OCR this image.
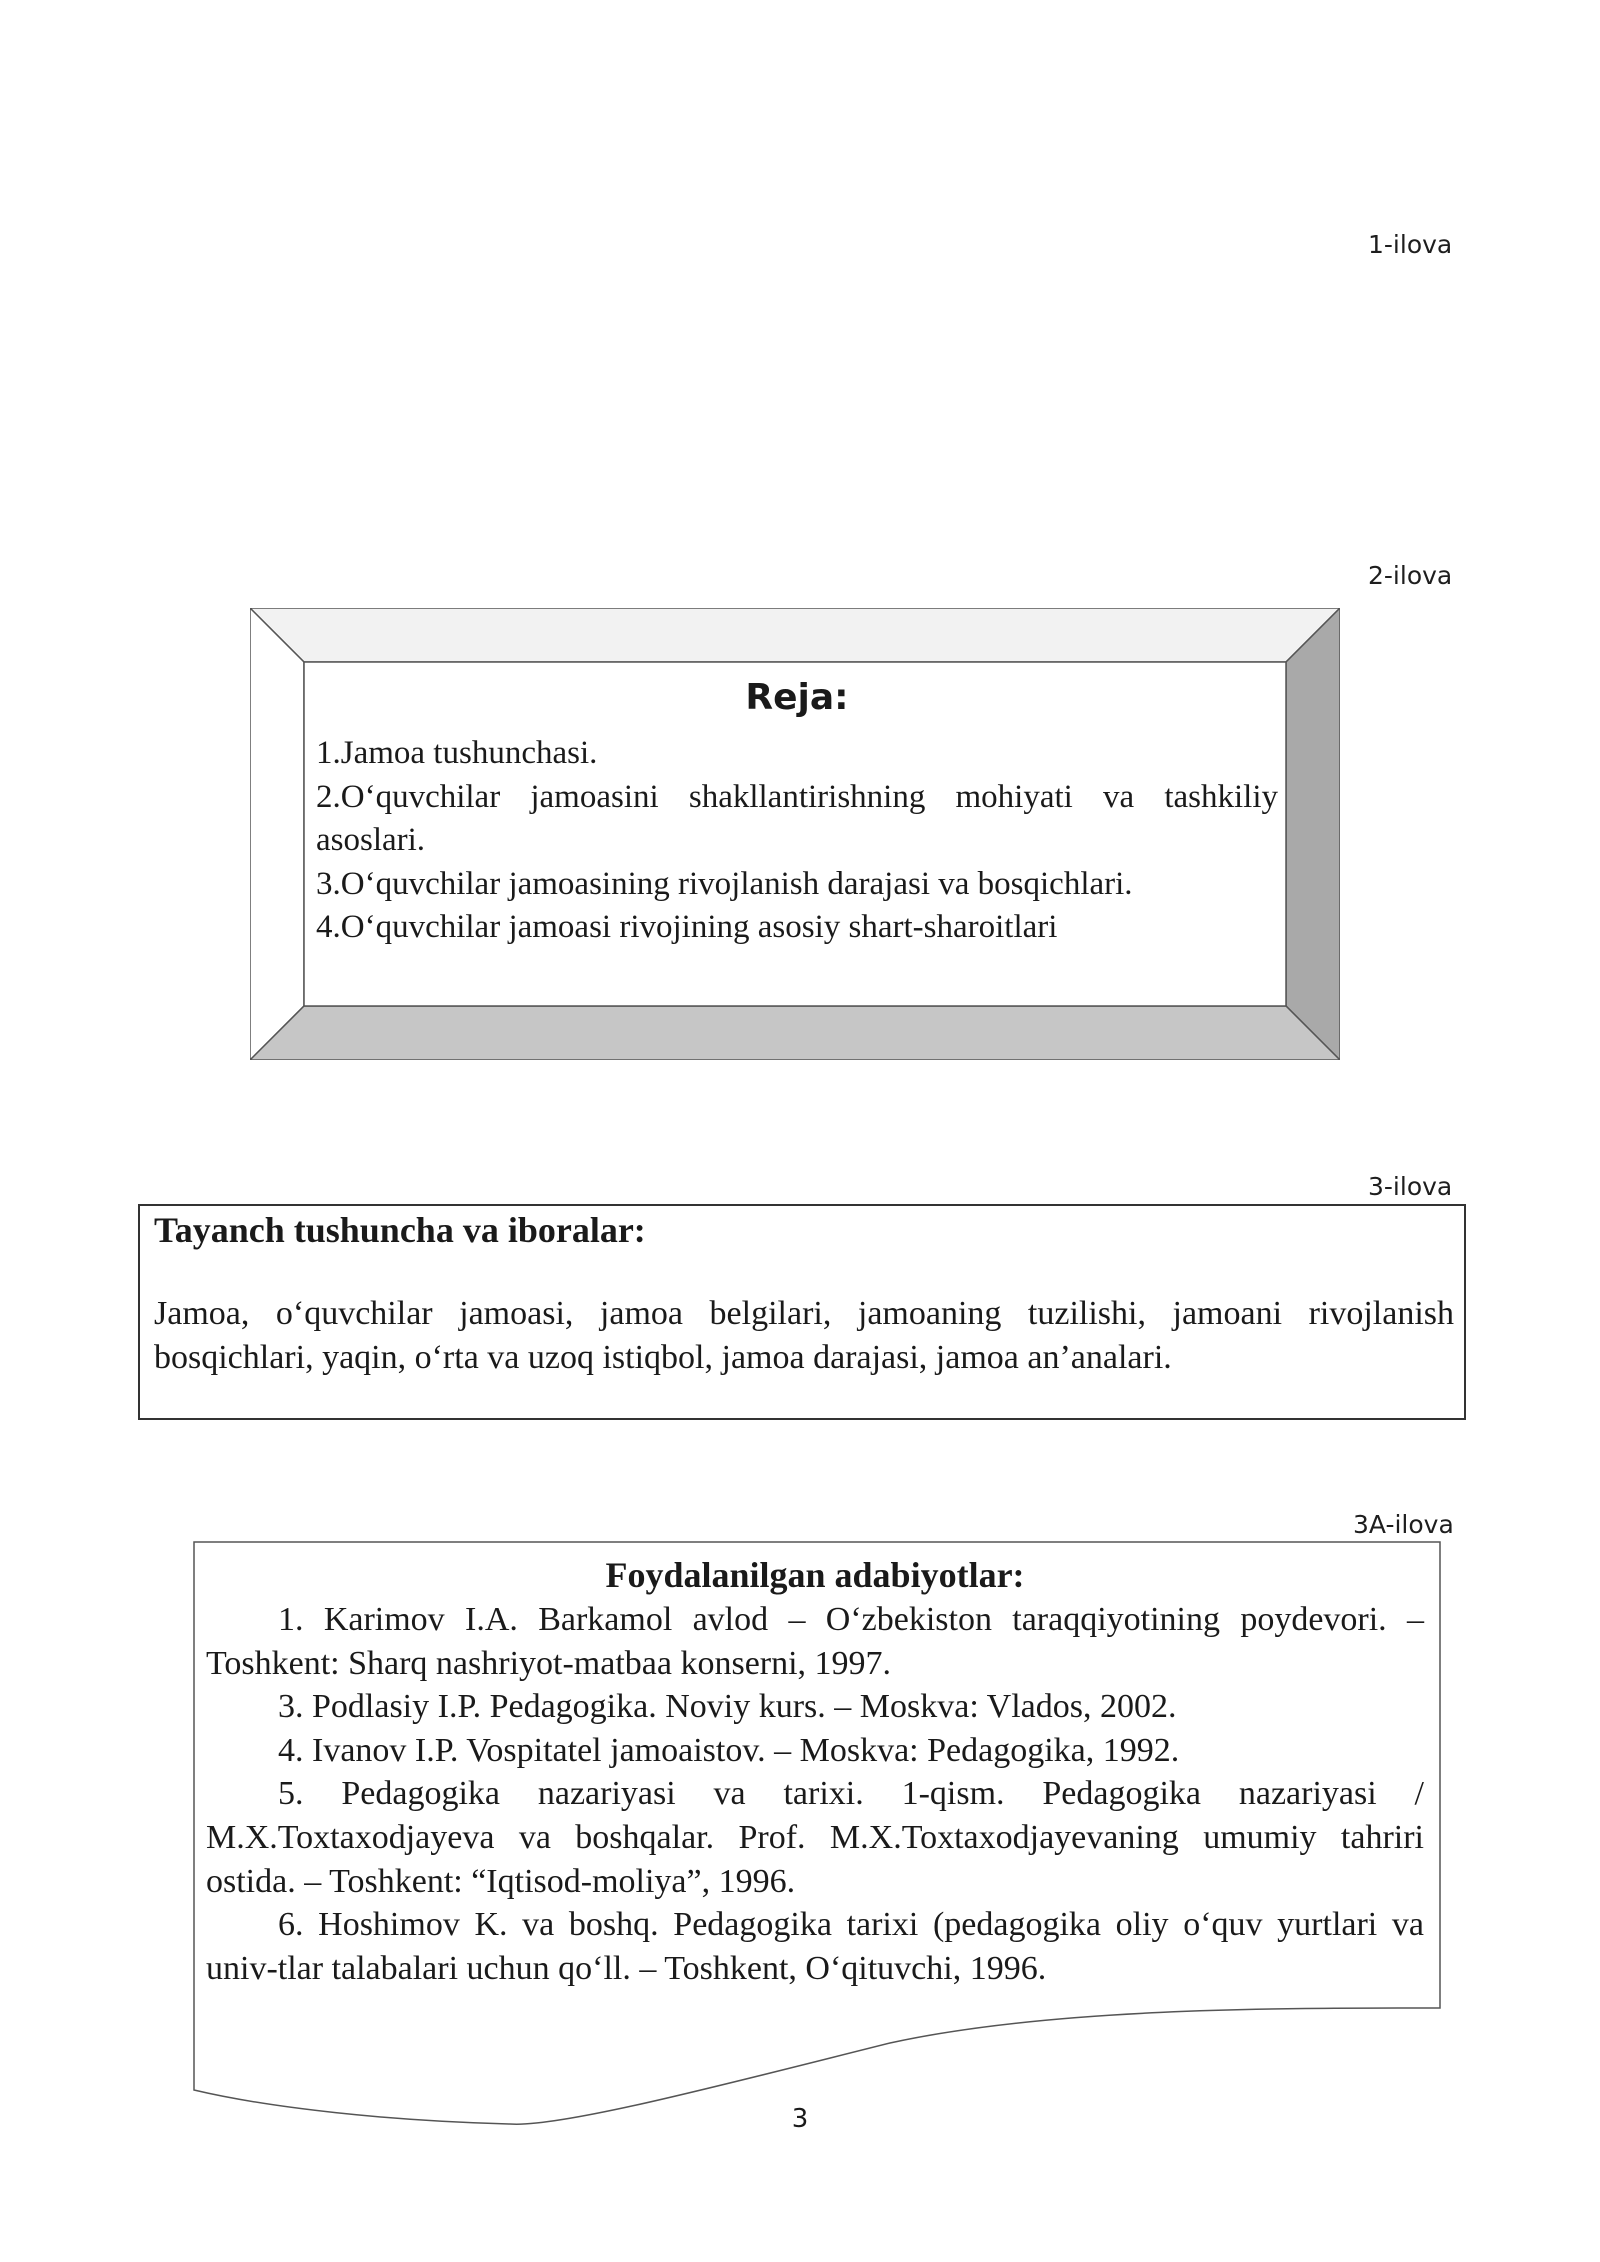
1-ilova
2-ilova
3-ilova
3A-ilova
Reja:
1.Jamoa tushunchasi.
2.O‘quvchilar jamoasini shakllantirishning mohiyati va tashkiliy asoslari.
3.O‘quvchilar jamoasining rivojlanish darajasi va bosqichlari.
4.O‘quvchilar jamoasi rivojining asosiy shart-sharoitlari
Tayanch tushuncha va iboralar:
Jamoa, o‘quvchilar jamoasi, jamoa belgilari, jamoaning tuzilishi, jamoani rivojlanish bosqichlari, yaqin, o‘rta va uzoq istiqbol, jamoa darajasi, jamoa an’analari.
Foydalanilgan adabiyotlar:
1. Karimov I.A. Barkamol avlod – O‘zbekiston taraqqiyotining poydevori. – Toshkent: Sharq nashriyot-matbaa konserni, 1997.
3. Podlasiy I.P. Pedagogika. Noviy kurs. – Moskva: Vlados, 2002.
4. Ivanov I.P. Vospitatel jamoaistov. – Moskva: Pedagogika, 1992.
5. Pedagogika nazariyasi va tarixi. 1-qism. Pedagogika nazariyasi / M.X.Toxtaxodjayeva va boshqalar. Prof. M.X.Toxtaxodjayevaning umumiy tahriri ostida. – Toshkent: “Iqtisod-moliya”, 1996.
6. Hoshimov K. va boshq. Pedagogika tarixi (pedagogika oliy o‘quv yurtlari va univ-tlar talabalari uchun qo‘ll. – Toshkent, O‘qituvchi, 1996.
3
